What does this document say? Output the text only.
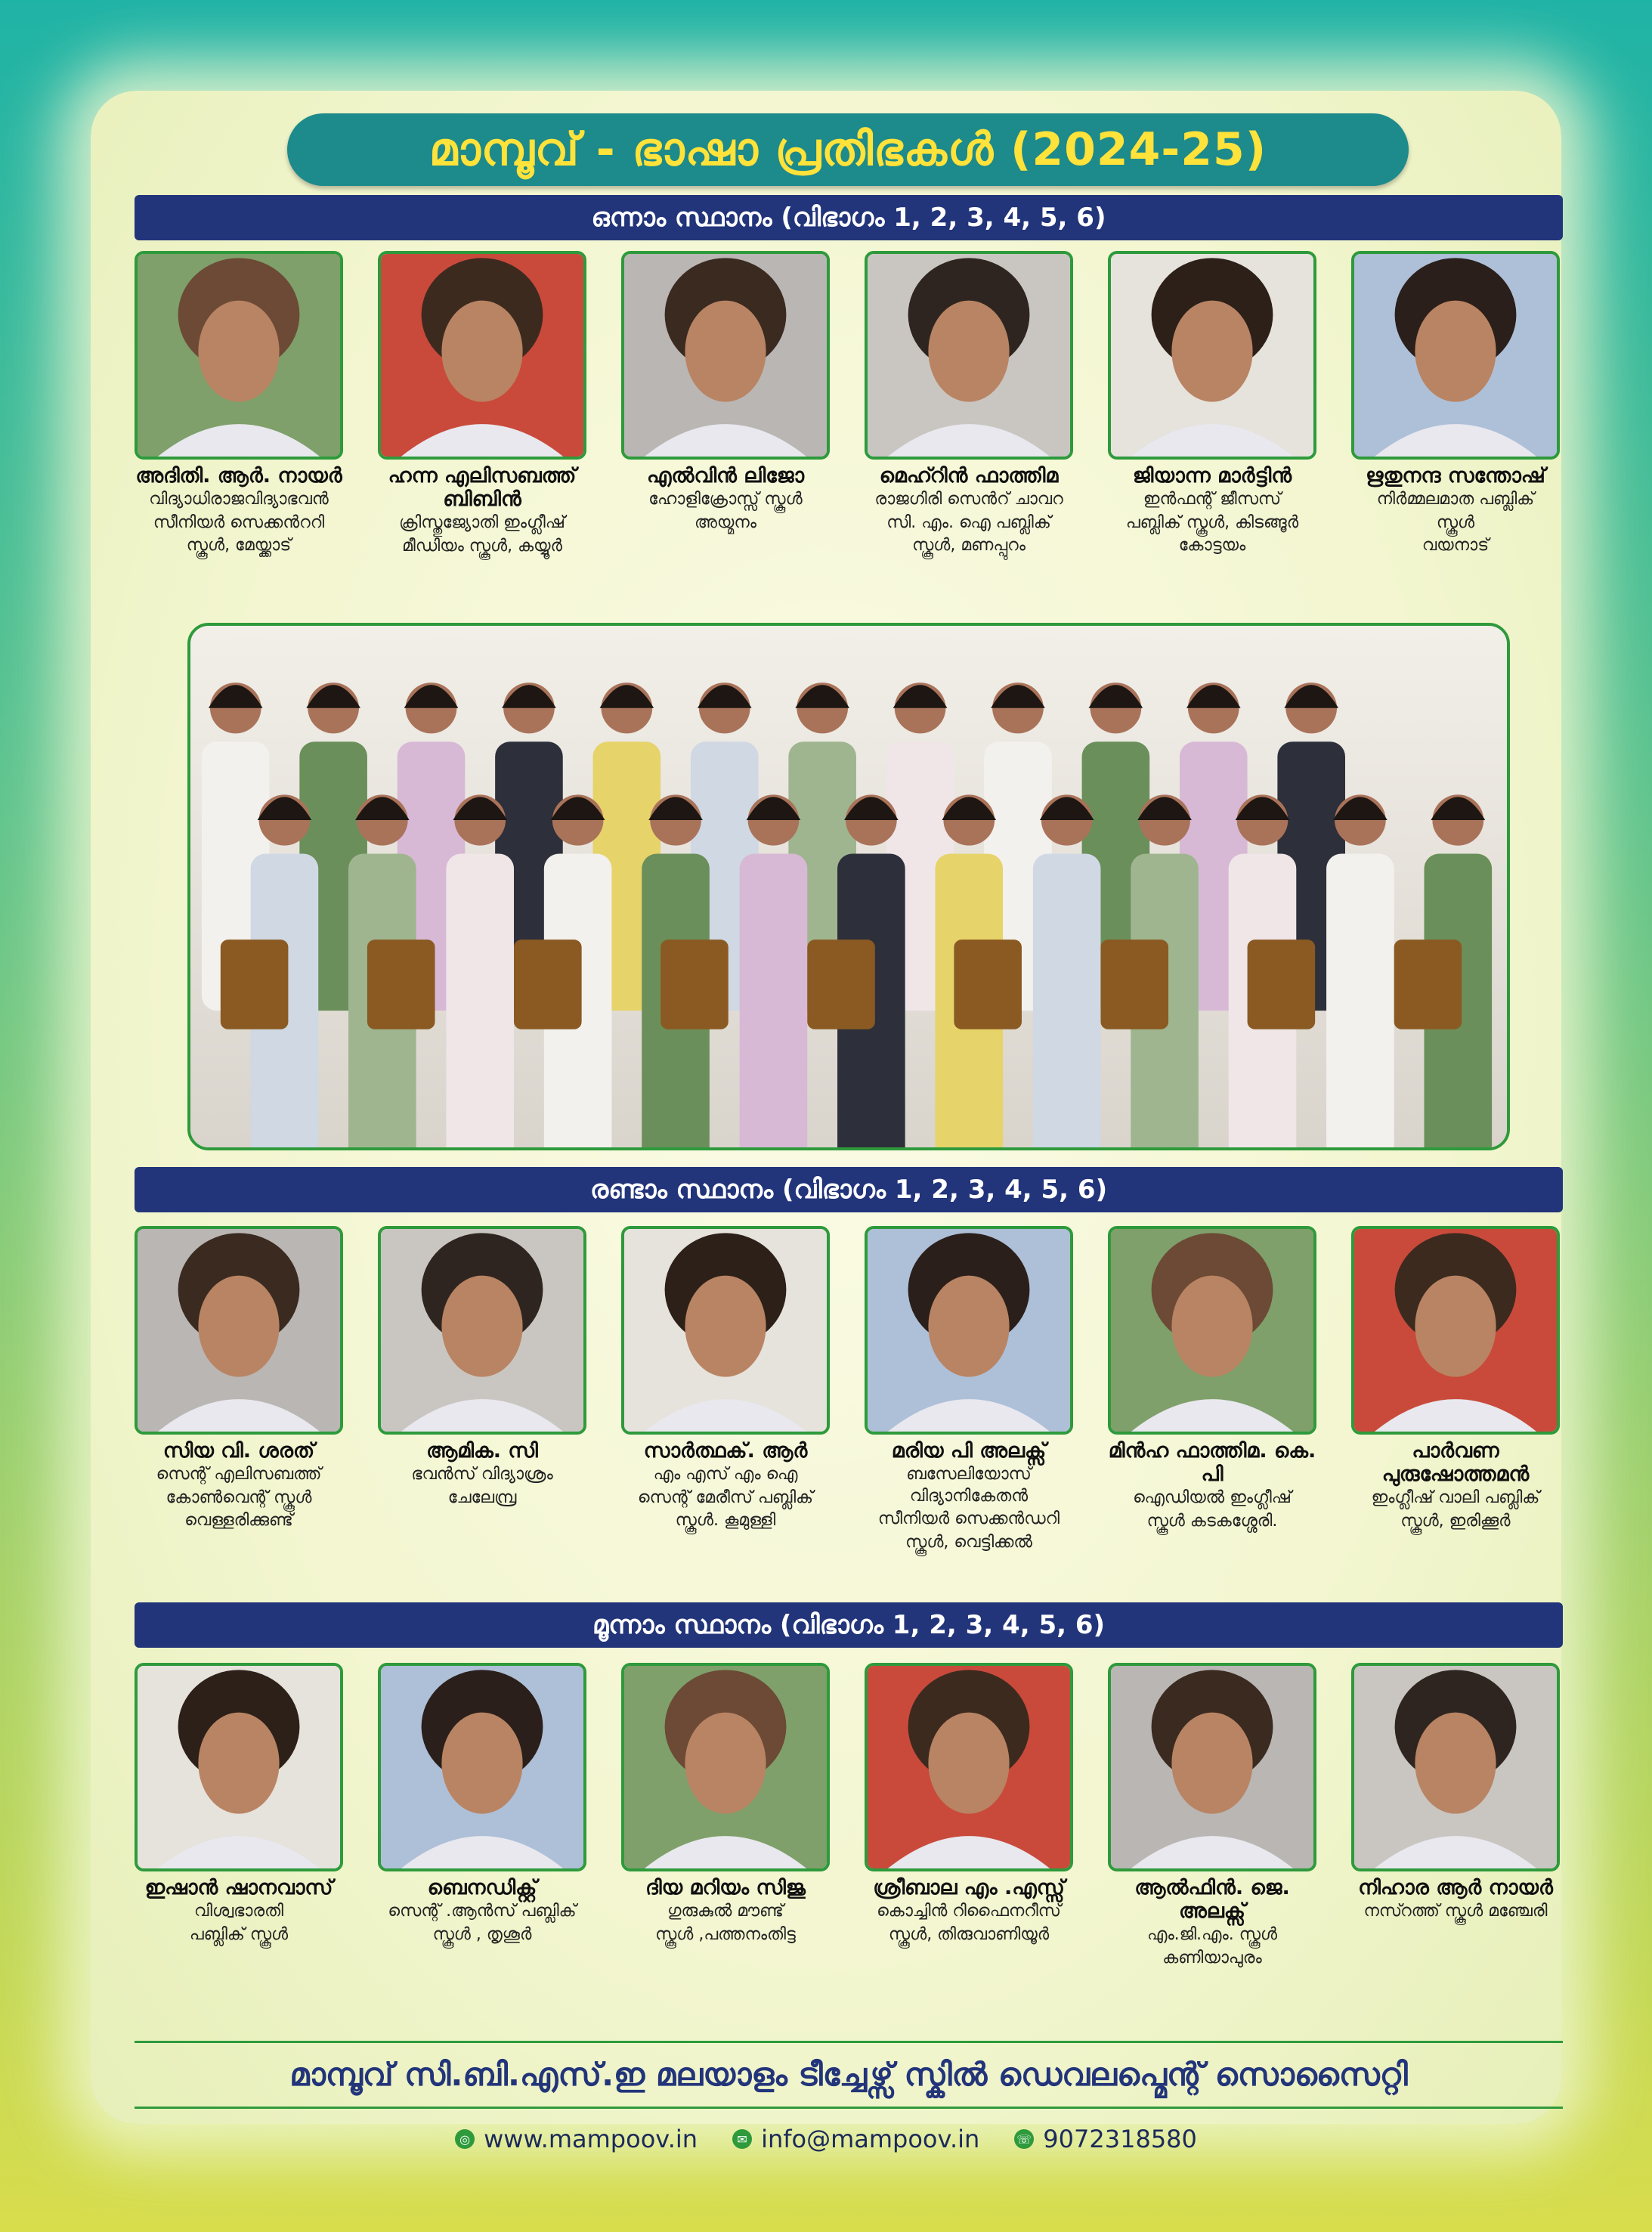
മാമ്പൂവ് - ഭാഷാ പ്രതിഭകൾ (2024-25)
ഒന്നാം സ്ഥാനം (വിഭാഗം 1, 2, 3, 4, 5, 6)
അദിതി. ആർ. നായർ
വിദ്യാധിരാജവിദ്യാഭവൻ
സീനിയർ സെക്കൻററി
സ്കൂൾ, മേയ്ക്കാട്
ഹന്ന എലിസബത്ത് ബിബിൻ
ക്രിസ്തുജ്യോതി ഇംഗ്ലീഷ്
മീഡിയം സ്കൂൾ, കയ്യൂർ
എൽവിൻ ലിജോ
ഹോളിക്രോസ്സ് സ്കൂൾ
അയ്മനം
മെഹ്റിൻ ഫാത്തിമ
രാജഗിരി സെൻറ് ചാവറ
സി. എം. ഐ പബ്ലിക്
സ്കൂൾ, മണപ്പുറം
ജിയാന്ന മാർട്ടിൻ
ഇൻഫന്റ് ജീസസ്
പബ്ലിക് സ്കൂൾ, കിടങ്ങൂർ
കോട്ടയം
ഋതുനന്ദ സന്തോഷ്
നിർമ്മലമാത പബ്ലിക്
സ്കൂൾ
വയനാട്
രണ്ടാം സ്ഥാനം (വിഭാഗം 1, 2, 3, 4, 5, 6)
സിയ വി. ശരത്
സെന്റ് എലിസബത്ത്
കോൺവെന്റ് സ്കൂൾ
വെള്ളരിക്കുണ്ട്
ആമിക. സി
ഭവൻസ് വിദ്യാശ്രം
ചേലേമ്പ്ര
സാർത്ഥക്. ആർ
എം എസ് എം ഐ
സെന്റ് മേരീസ് പബ്ലിക്
സ്കൂൾ. കൂമുള്ളി
മരിയ പി അലക്സ്
ബസേലിയോസ് വിദ്യാനികേതൻ
സീനിയർ സെക്കൻഡറി
സ്കൂൾ, വെട്ടിക്കൽ
മിൻഹ ഫാത്തിമ. കെ. പി
ഐഡിയൽ ഇംഗ്ലീഷ്
സ്കൂൾ കടകശ്ശേരി.
പാർവണ പുരുഷോത്തമൻ
ഇംഗ്ലീഷ് വാലി പബ്ലിക്
സ്കൂൾ, ഇരിക്കൂർ
മൂന്നാം സ്ഥാനം (വിഭാഗം 1, 2, 3, 4, 5, 6)
ഇഷാൻ ഷാനവാസ്
വിശ്വഭാരതി
പബ്ലിക് സ്കൂൾ
ബെനഡിക്റ്റ്
സെന്റ് .ആൻസ് പബ്ലിക്
സ്കൂൾ , തൃശൂർ
ദിയ മറിയം സിജു
ഗുരുകുൽ മൗണ്ട്
സ്കൂൾ ,പത്തനംതിട്ട
ശ്രീബാല എം .എസ്സ്
കൊച്ചിൻ റിഫൈനറീസ്
സ്കൂൾ, തിരുവാണിയൂർ
ആൽഫിൻ. ജെ. അലക്സ്
എം.ജി.എം. സ്കൂൾ
കണിയാപുരം
നിഹാര ആർ നായർ
നസ്റത്ത് സ്കൂൾ മഞ്ചേരി
മാമ്പൂവ് സി.ബി.എസ്.ഇ മലയാളം ടീച്ചേഴ്സ് സ്കിൽ ഡെവലപ്മെന്റ് സൊസൈറ്റി
◎ www.mampoov.in	✉ info@mampoov.in	☏ 9072318580
